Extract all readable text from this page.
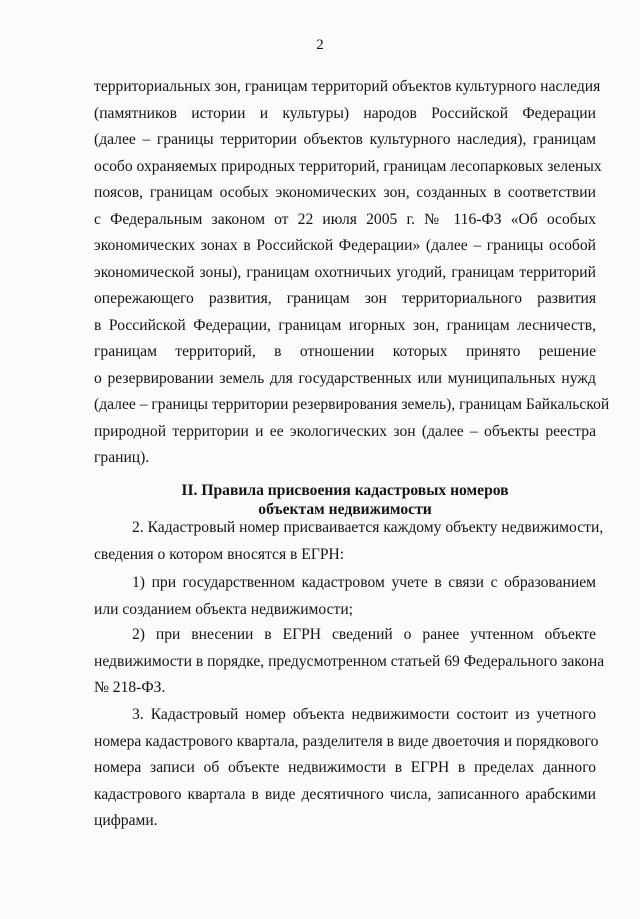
2
территориальных зон, границам территорий объектов культурного наследия
(памятников истории и культуры) народов Российской Федерации
(далее – границы территории объектов культурного наследия), границам
особо охраняемых природных территорий, границам лесопарковых зеленых
поясов, границам особых экономических зон, созданных в соответствии
с Федеральным законом от 22 июля 2005 г. № 116-ФЗ «Об особых
экономических зонах в Российской Федерации» (далее – границы особой
экономической зоны), границам охотничьих угодий, границам территорий
опережающего развития, границам зон территориального развития
в Российской Федерации, границам игорных зон, границам лесничеств,
границам территорий, в отношении которых принято решение
о резервировании земель для государственных или муниципальных нужд
(далее – границы территории резервирования земель), границам Байкальской
природной территории и ее экологических зон (далее – объекты реестра
границ).
II. Правила присвоения кадастровых номеров
объектам недвижимости
2. Кадастровый номер присваивается каждому объекту недвижимости,
сведения о котором вносятся в ЕГРН:
1) при государственном кадастровом учете в связи с образованием
или созданием объекта недвижимости;
2) при внесении в ЕГРН сведений о ранее учтенном объекте
недвижимости в порядке, предусмотренном статьей 69 Федерального закона
№ 218-ФЗ.
3. Кадастровый номер объекта недвижимости состоит из учетного
номера кадастрового квартала, разделителя в виде двоеточия и порядкового
номера записи об объекте недвижимости в ЕГРН в пределах данного
кадастрового квартала в виде десятичного числа, записанного арабскими
цифрами.
